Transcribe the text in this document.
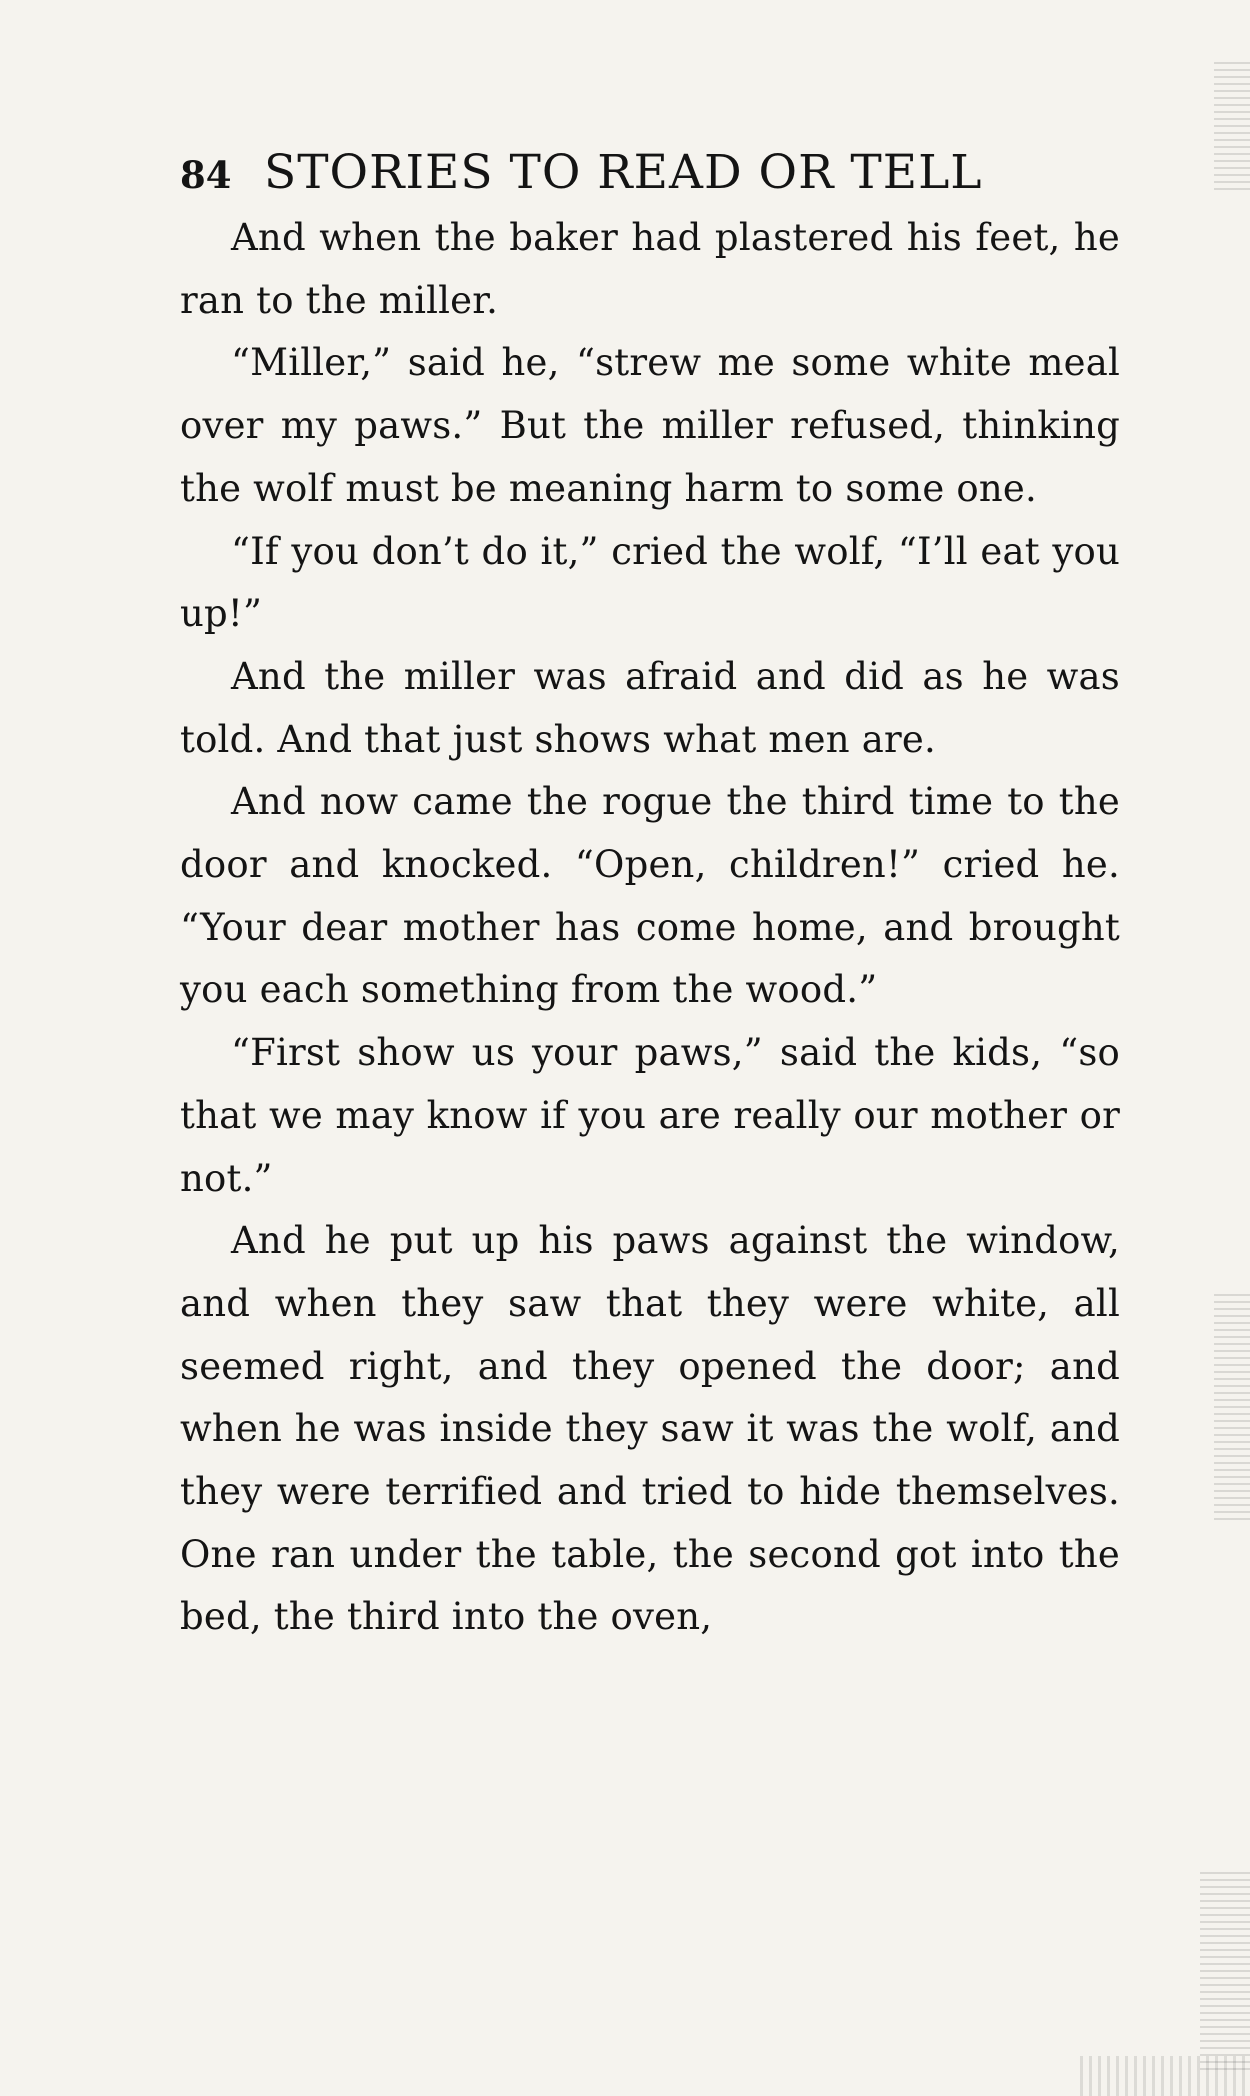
84 STORIES TO READ OR TELL

And when the baker had plastered his feet, he ran to the miller.

“Miller,” said he, “strew me some white meal over my paws.” But the miller refused, thinking the wolf must be meaning harm to some one.

“If you don’t do it,” cried the wolf, “I’ll eat you up!”

And the miller was afraid and did as he was told. And that just shows what men are.

And now came the rogue the third time to the door and knocked. “Open, children!” cried he. “Your dear mother has come home, and brought you each something from the wood.”

“First show us your paws,” said the kids, “so that we may know if you are really our mother or not.”

And he put up his paws against the window, and when they saw that they were white, all seemed right, and they opened the door; and when he was inside they saw it was the wolf, and they were terrified and tried to hide themselves. One ran under the table, the second got into the bed, the third into the oven,
